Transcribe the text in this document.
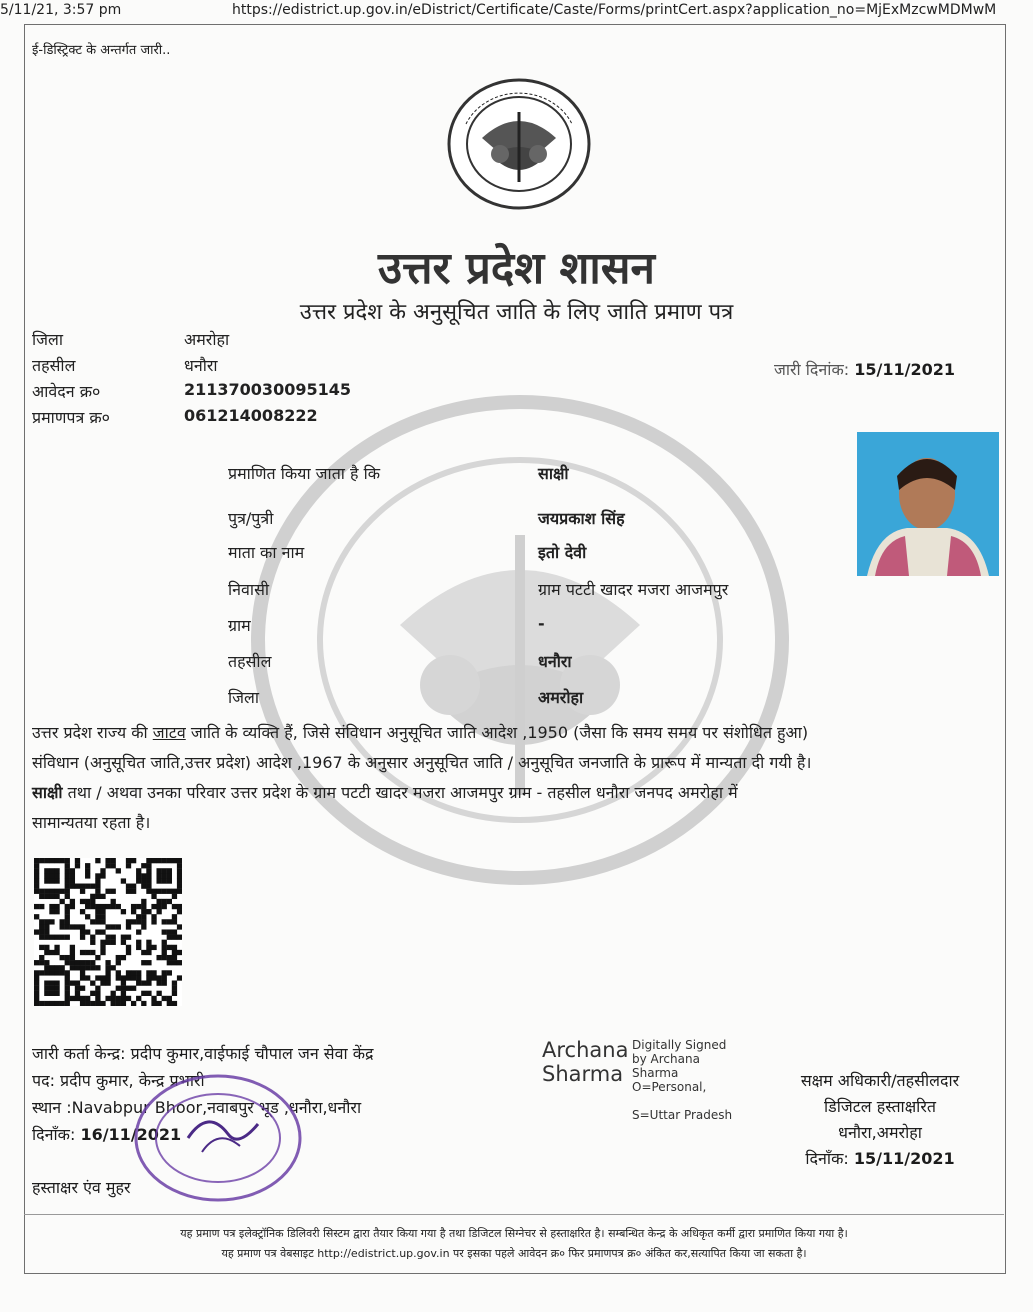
5/11/21, 3:57 pm	https://edistrict.up.gov.in/eDistrict/Certificate/Caste/Forms/printCert.aspx?application_no=MjExMzcwMDMwM
ई-डिस्ट्रिक्ट के अन्तर्गत जारी..
उत्तर प्रदेश शासन
उत्तर प्रदेश के अनुसूचित जाति के लिए जाति प्रमाण पत्र
जिला	अमरोहा
तहसील	धनौरा
आवेदन क्र०	211370030095145
प्रमाणपत्र क्र०	061214008222
जारी दिनांक: 15/11/2021
प्रमाणित किया जाता है कि	साक्षी
पुत्र/पुत्री	जयप्रकाश सिंह
माता का नाम	इतो देवी
निवासी	ग्राम पटटी खादर मजरा आजमपुर
ग्राम	-
तहसील	धनौरा
जिला	अमरोहा
उत्तर प्रदेश राज्य की जाटव जाति के व्यक्ति हैं, जिसे संविधान अनुसूचित जाति आदेश ,1950 (जैसा कि समय समय पर संशोधित हुआ)
संविधान (अनुसूचित जाति,उत्तर प्रदेश) आदेश ,1967 के अनुसार अनुसूचित जाति / अनुसूचित जनजाति के प्रारूप में मान्यता दी गयी है।
साक्षी तथा / अथवा उनका परिवार उत्तर प्रदेश के ग्राम पटटी खादर मजरा आजमपुर ग्राम - तहसील धनौरा जनपद अमरोहा में
सामान्यतया रहता है।
जारी कर्ता केन्द्र: प्रदीप कुमार,वाईफाई चौपाल जन सेवा केंद्र
पद: प्रदीप कुमार, केन्द्र प्रभारी
स्थान :Navabpur Bhoor,नवाबपुर भूड ,धनौरा,धनौरा
दिनाँक: 16/11/2021
हस्ताक्षर एंव मुहर
Archana
Sharma
Digitally Signed
by Archana
Sharma
O=Personal,
S=Uttar Pradesh
सक्षम अधिकारी/तहसीलदार
डिजिटल हस्ताक्षरित
धनौरा,अमरोहा
दिनाँक: 15/11/2021
यह प्रमाण पत्र इलेक्ट्रॉनिक डिलिवरी सिस्टम द्वारा तैयार किया गया है तथा डिजिटल सिग्नेचर से हस्ताक्षरित है। सम्बन्धित केन्द्र के अधिकृत कर्मी द्वारा प्रमाणित किया गया है।
यह प्रमाण पत्र वेबसाइट http://edistrict.up.gov.in पर इसका पहले आवेदन क्र० फिर प्रमाणपत्र क्र० अंकित कर,सत्यापित किया जा सकता है।
